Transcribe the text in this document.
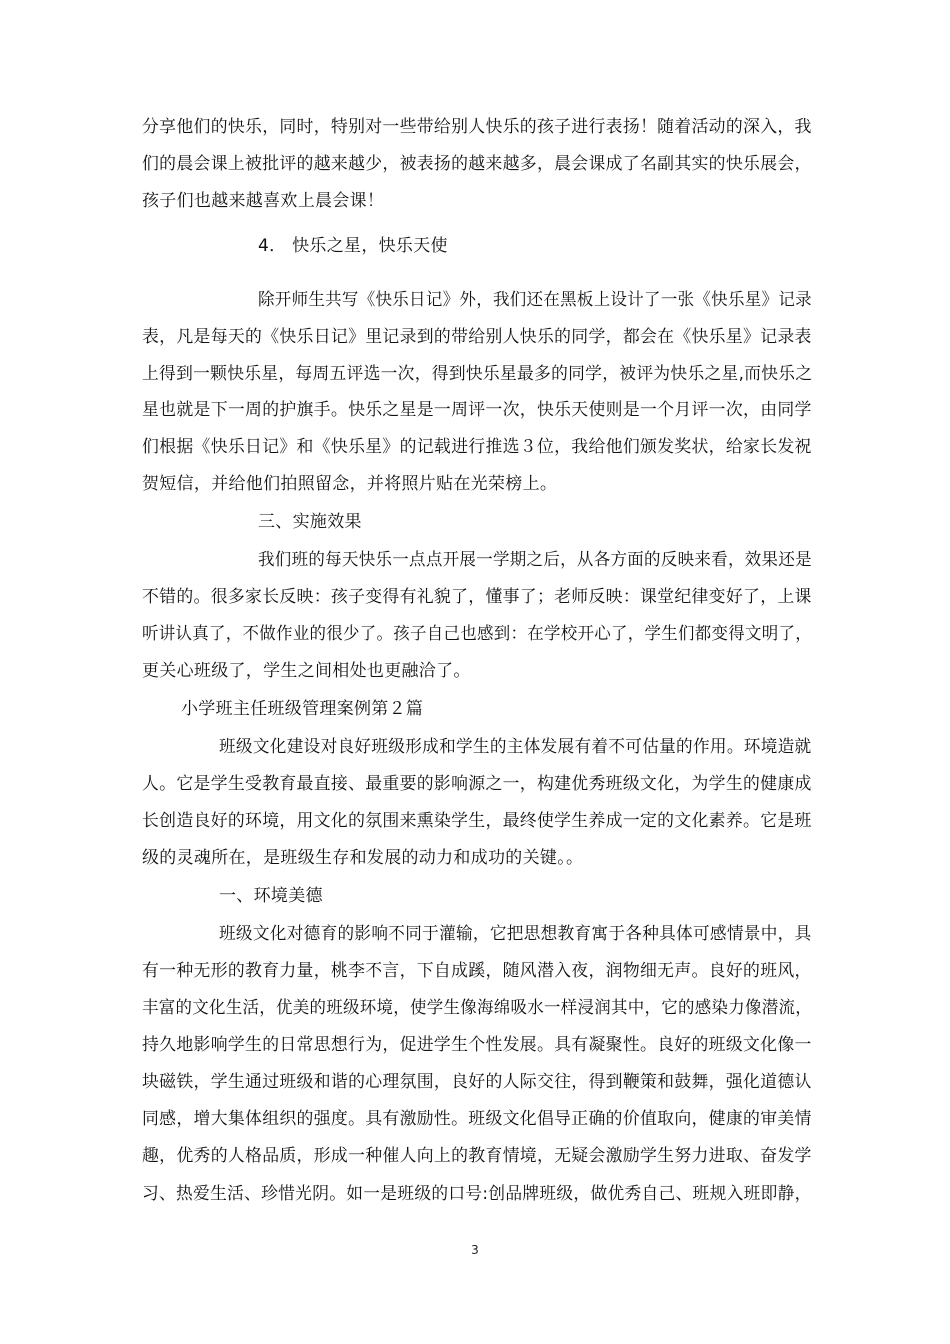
分享他们的快乐，同时，特别对一些带给别人快乐的孩子进行表扬！随着活动的深入，我
们的晨会课上被批评的越来越少，被表扬的越来越多，晨会课成了名副其实的快乐展会，
孩子们也越来越喜欢上晨会课！
4． 快乐之星，快乐天使
除开师生共写《快乐日记》外，我们还在黑板上设计了一张《快乐星》记录
表，凡是每天的《快乐日记》里记录到的带给别人快乐的同学，都会在《快乐星》记录表
上得到一颗快乐星，每周五评选一次，得到快乐星最多的同学，被评为快乐之星,而快乐之
星也就是下一周的护旗手。快乐之星是一周评一次，快乐天使则是一个月评一次，由同学
们根据《快乐日记》和《快乐星》的记载进行推选３位，我给他们颁发奖状，给家长发祝
贺短信，并给他们拍照留念，并将照片贴在光荣榜上。
三、实施效果
我们班的每天快乐一点点开展一学期之后，从各方面的反映来看，效果还是
不错的。很多家长反映：孩子变得有礼貌了，懂事了；老师反映：课堂纪律变好了，上课
听讲认真了，不做作业的很少了。孩子自己也感到：在学校开心了，学生们都变得文明了，
更关心班级了，学生之间相处也更融洽了。
小学班主任班级管理案例第２篇
班级文化建设对良好班级形成和学生的主体发展有着不可估量的作用。环境造就
人。它是学生受教育最直接、最重要的影响源之一，构建优秀班级文化，为学生的健康成
长创造良好的环境，用文化的氛围来熏染学生，最终使学生养成一定的文化素养。它是班
级的灵魂所在，是班级生存和发展的动力和成功的关键。。
一、环境美德
班级文化对德育的影响不同于灌输，它把思想教育寓于各种具体可感情景中，具
有一种无形的教育力量，桃李不言，下自成蹊，随风潜入夜，润物细无声。良好的班风，
丰富的文化生活，优美的班级环境，使学生像海绵吸水一样浸润其中，它的感染力像潜流，
持久地影响学生的日常思想行为，促进学生个性发展。具有凝聚性。良好的班级文化像一
块磁铁，学生通过班级和谐的心理氛围，良好的人际交往，得到鞭策和鼓舞，强化道德认
同感，增大集体组织的强度。具有激励性。班级文化倡导正确的价值取向，健康的审美情
趣，优秀的人格品质，形成一种催人向上的教育情境，无疑会激励学生努力进取、奋发学
习、热爱生活、珍惜光阴。如一是班级的口号:创品牌班级，做优秀自己、班规入班即静，
3
